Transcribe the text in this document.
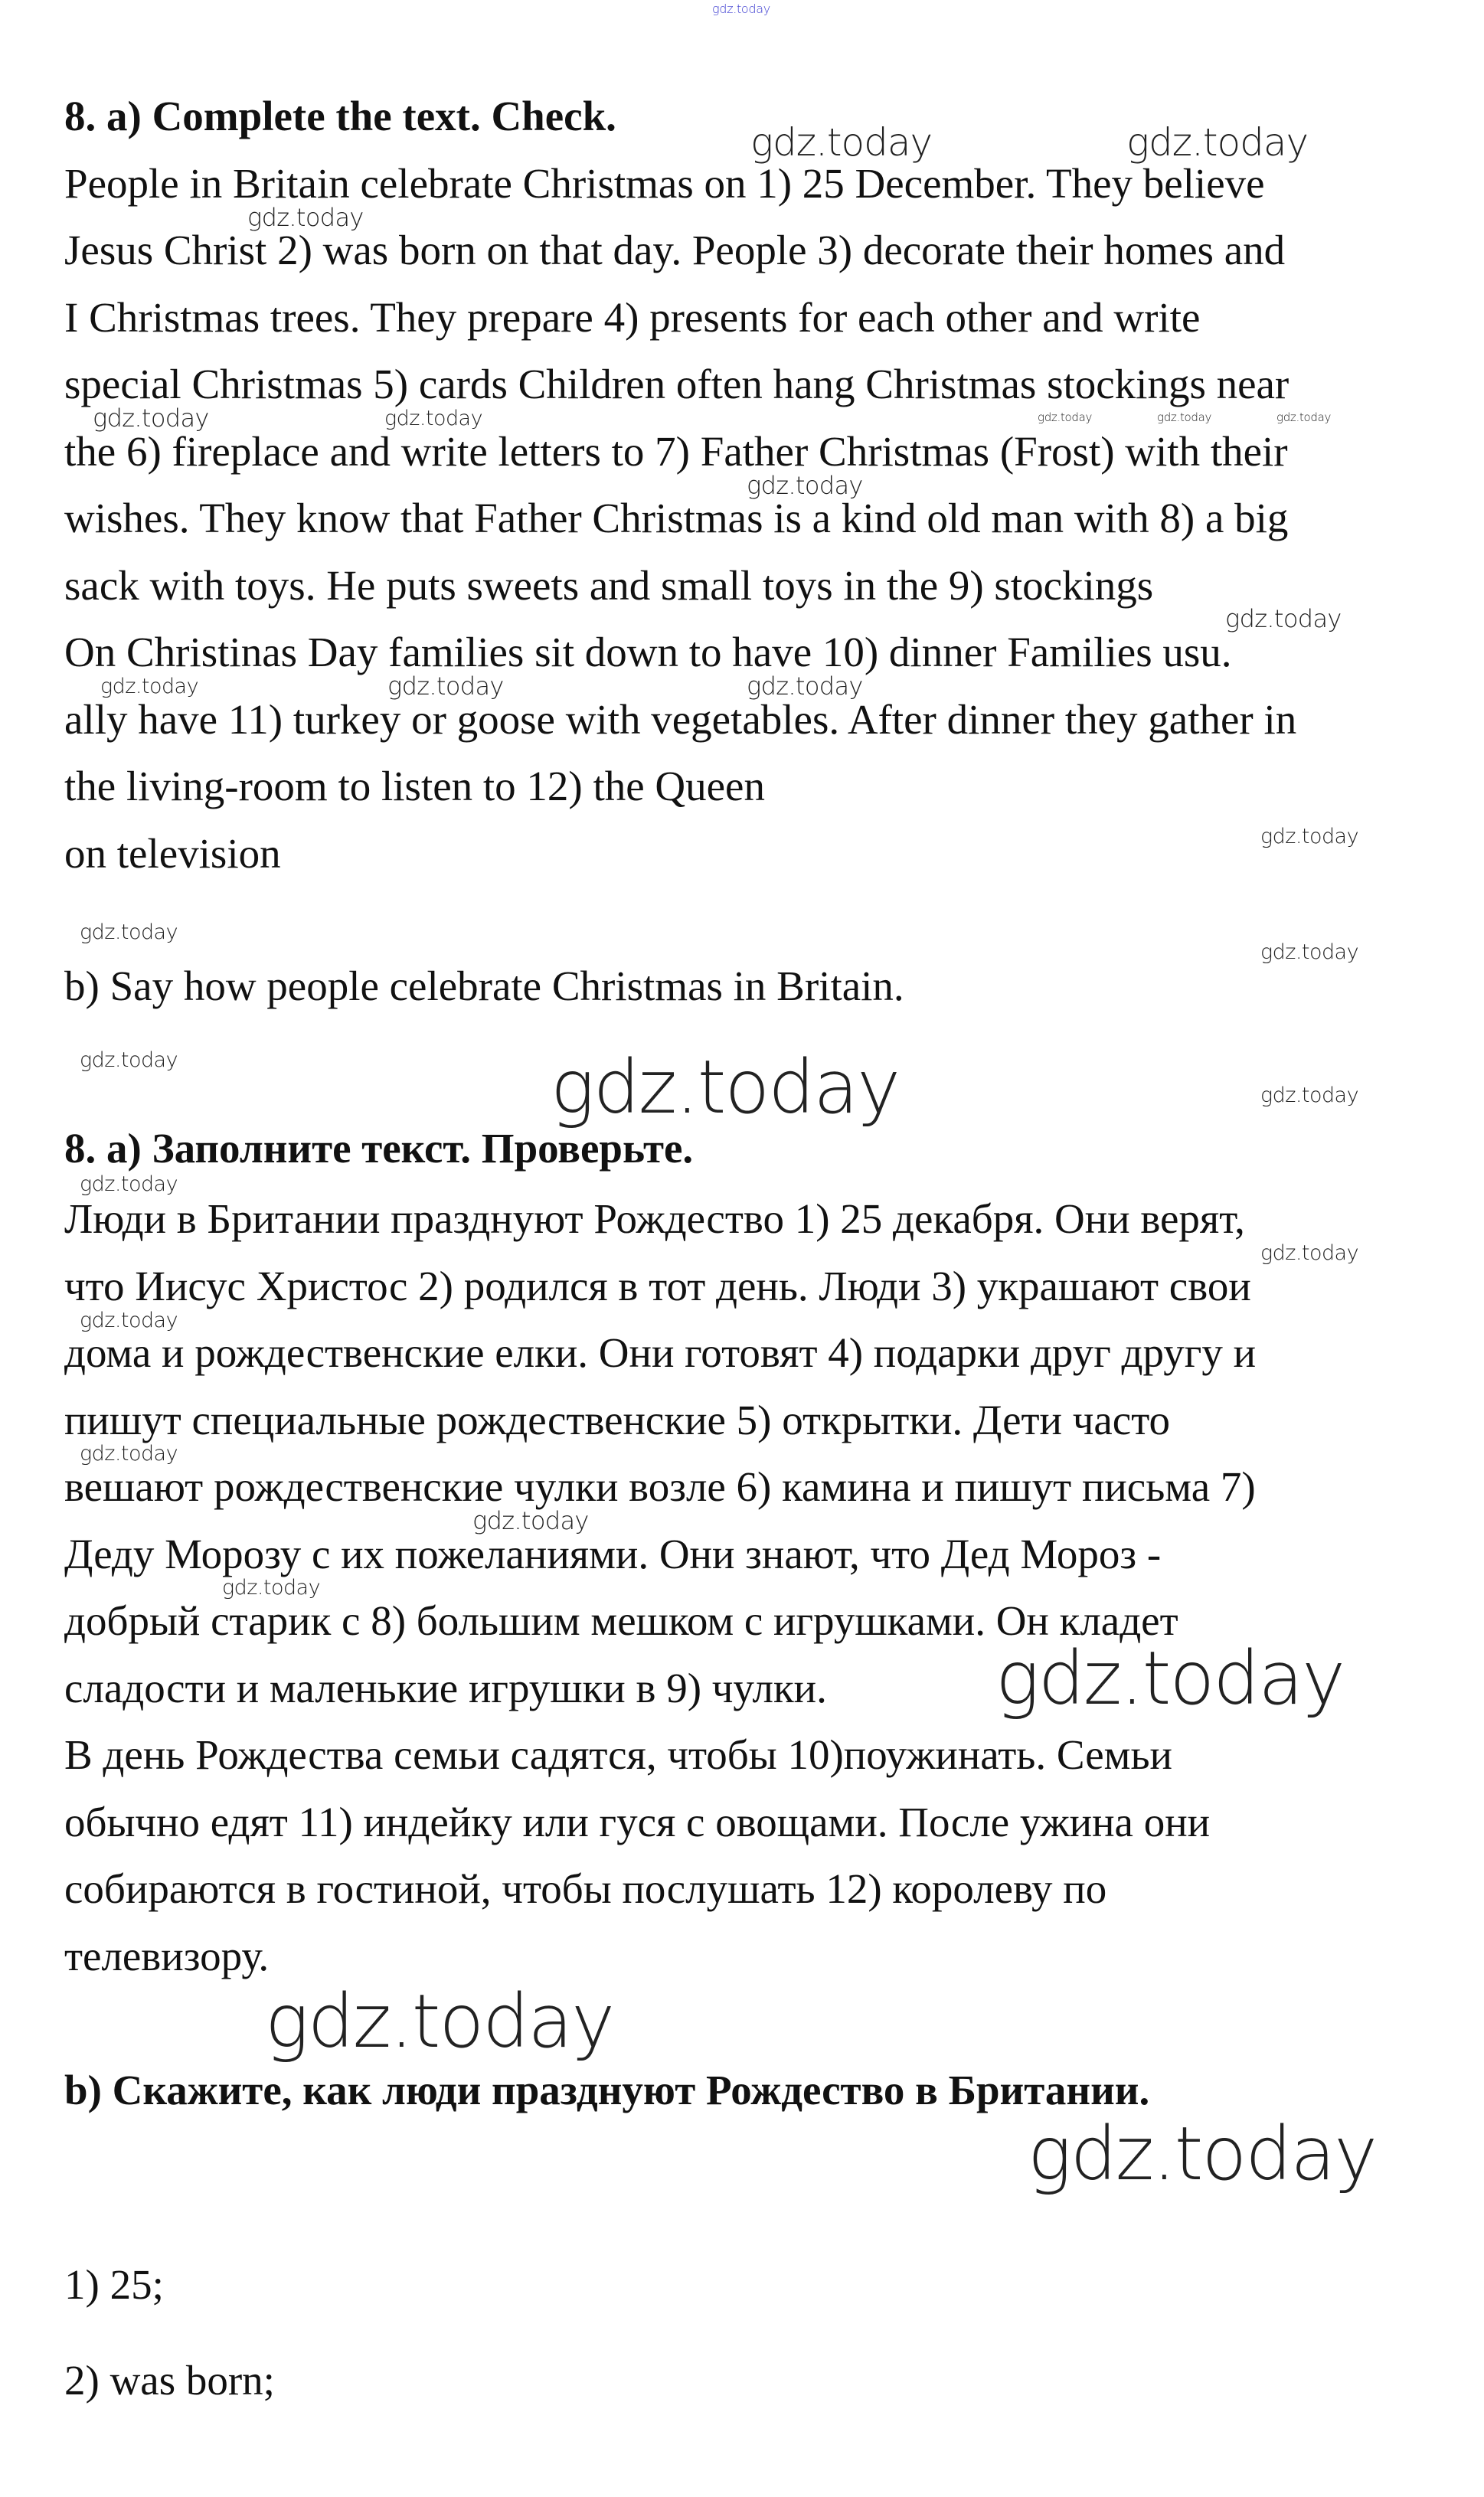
8. a) Complete the text. Check.
People in Britain celebrate Christmas on 1) 25 December. They believe
Jesus Christ 2) was born on that day. People 3) decorate their homes and
I Christmas trees. They prepare 4) presents for each other and write
special Christmas 5) cards Children often hang Christmas stockings near
the 6) fireplace and write letters to 7) Father Christmas (Frost) with their
wishes. They know that Father Christmas is a kind old man with 8) a big
sack with toys. He puts sweets and small toys in the 9) stockings
On Christinas Day families sit down to have 10) dinner Families usu.
ally have 11) turkey or goose with vegetables. After dinner they gather in
the living-room to listen to 12) the Queen
on television
b) Say how people celebrate Christmas in Britain.
8. а) Заполните текст. Проверьте.
Люди в Британии празднуют Рождество 1) 25 декабря. Они верят,
что Иисус Христос 2) родился в тот день. Люди 3) украшают свои
дома и рождественские елки. Они готовят 4) подарки друг другу и
пишут специальные рождественские 5) открытки. Дети часто
вешают рождественские чулки возле 6) камина и пишут письма 7)
Деду Морозу с их пожеланиями. Они знают, что Дед Мороз -
добрый старик с 8) большим мешком с игрушками. Он кладет
сладости и маленькие игрушки в 9) чулки.
В день Рождества семьи садятся, чтобы 10)поужинать. Семьи
обычно едят 11) индейку или гуся с овощами. После ужина они
собираются в гостиной, чтобы послушать 12) королеву по
телевизору.
b) Скажите, как люди празднуют Рождество в Британии.
1) 25;
2) was born;
gdz.today
gdz.today	gdz.today
gdz.today
gdz.today	gdz.today	gdz.today	gdz.today	gdz.today
gdz.today
gdz.today
gdz.today	gdz.today	gdz.today
gdz.today
gdz.today
gdz.today
gdz.today
gdz.today
gdz.today
gdz.today
gdz.today
gdz.today
gdz.today
gdz.today
gdz.today
gdz.today
gdz.today
gdz.today
